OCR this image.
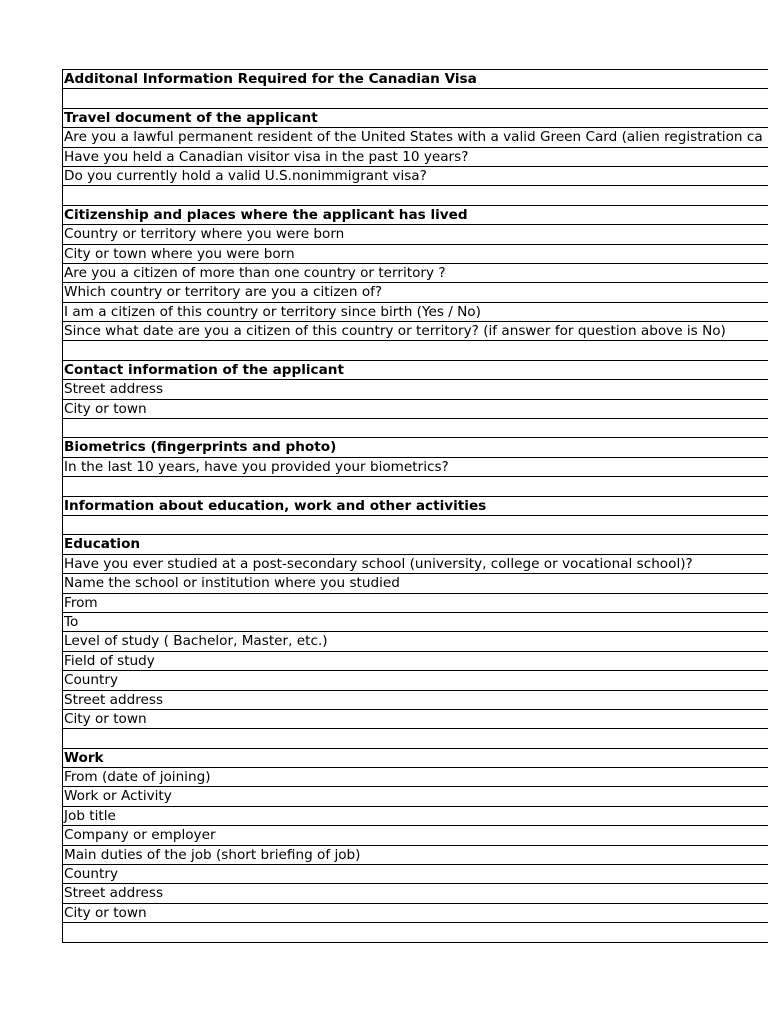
Additonal Information Required for the Canadian Visa
Travel document of the applicant
Are you a lawful permanent resident of the United States with a valid Green Card (alien registration ca
Have you held a Canadian visitor visa in the past 10 years?
Do you currently hold a valid U.S.nonimmigrant visa?
Citizenship and places where the applicant has lived
Country or territory where you were born
City or town where you were born
Are you a citizen of more than one country or territory ?
Which country or territory are you a citizen of?
I am a citizen of this country or territory since birth (Yes / No)
Since what date are you a citizen of this country or territory? (if answer for question above is No)
Contact information of the applicant
Street address
City or town
Biometrics (fingerprints and photo)
In the last 10 years, have you provided your biometrics?
Information about education, work and other activities
Education
Have you ever studied at a post-secondary school (university, college or vocational school)?
Name the school or institution where you studied
From
To
Level of study ( Bachelor, Master, etc.)
Field of study
Country
Street address
City or town
Work
From (date of joining)
Work or Activity
Job title
Company or employer
Main duties of the job (short briefing of job)
Country
Street address
City or town
